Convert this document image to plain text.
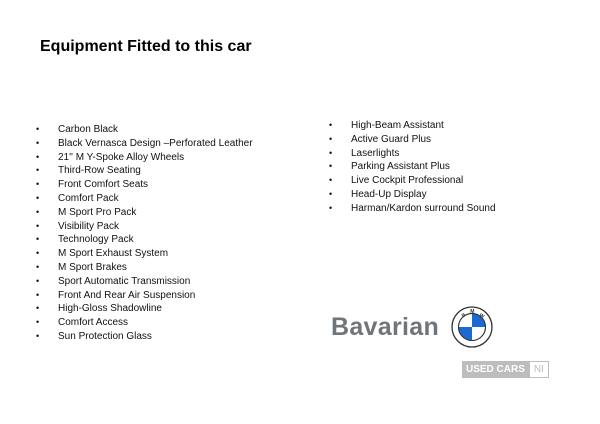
Equipment Fitted to this car
• Carbon Black
• Black Vernasca Design –Perforated Leather
• 21'' M Y-Spoke Alloy Wheels
• Third-Row Seating
• Front Comfort Seats
• Comfort Pack
• M Sport Pro Pack
• Visibility Pack
• Technology Pack
• M Sport Exhaust System
• M Sport Brakes
• Sport Automatic Transmission
• Front And Rear Air Suspension
• High-Gloss Shadowline
• Comfort Access
• Sun Protection Glass
• High-Beam Assistant
• Active Guard Plus
• Laserlights
• Parking Assistant Plus
• Live Cockpit Professional
• Head-Up Display
• Harman/Kardon surround Sound
Bavarian	B
M
W
USED CARS NI
